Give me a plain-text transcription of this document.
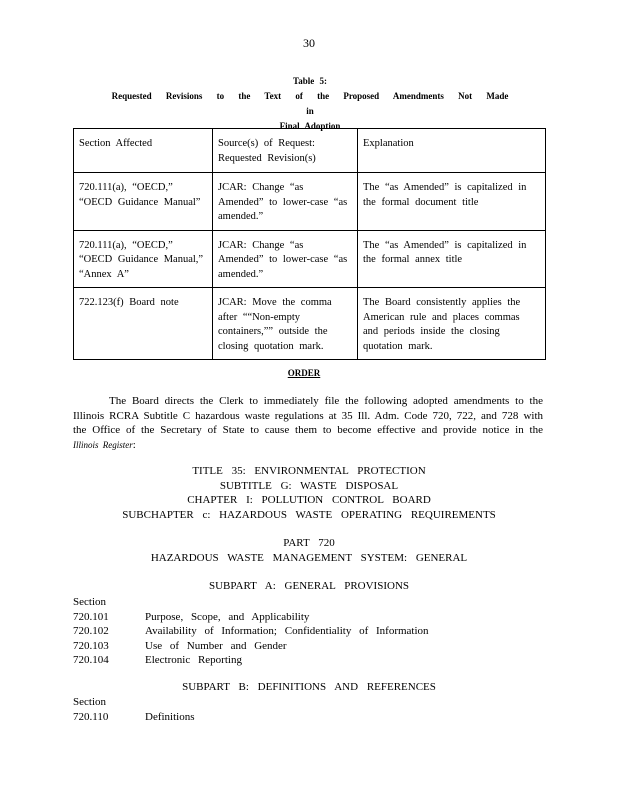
30
Table 5:
Requested Revisions to the Text of the Proposed Amendments Not Made in
Final Adoption
Section Affected	Source(s) of Request: Requested Revision(s)	Explanation
720.111(a), “OECD,” “OECD Guidance Manual”	JCAR: Change “as Amended” to lower-case “as amended.”	The “as Amended” is capitalized in the formal document title
720.111(a), “OECD,” “OECD Guidance Manual,” “Annex A”	JCAR: Change “as Amended” to lower-case “as amended.”	The “as Amended” is capitalized in the formal annex title
722.123(f) Board note	JCAR: Move the comma after ““Non-empty containers,”” outside the closing quotation mark.	The Board consistently applies the American rule and places commas and periods inside the closing quotation mark.
ORDER

The Board directs the Clerk to immediately file the following adopted amendments to the Illinois RCRA Subtitle C hazardous waste regulations at 35 Ill. Adm. Code 720, 722, and 728 with the Office of the Secretary of State to cause them to become effective and provide notice in the Illinois Register:

TITLE 35: ENVIRONMENTAL PROTECTION
SUBTITLE G: WASTE DISPOSAL
CHAPTER I: POLLUTION CONTROL BOARD
SUBCHAPTER c: HAZARDOUS WASTE OPERATING REQUIREMENTS
PART 720
HAZARDOUS WASTE MANAGEMENT SYSTEM: GENERAL
SUBPART A: GENERAL PROVISIONS
Section
720.101	Purpose, Scope, and Applicability
720.102	Availability of Information; Confidentiality of Information
720.103	Use of Number and Gender
720.104	Electronic Reporting
SUBPART B: DEFINITIONS AND REFERENCES
Section
720.110	Definitions
